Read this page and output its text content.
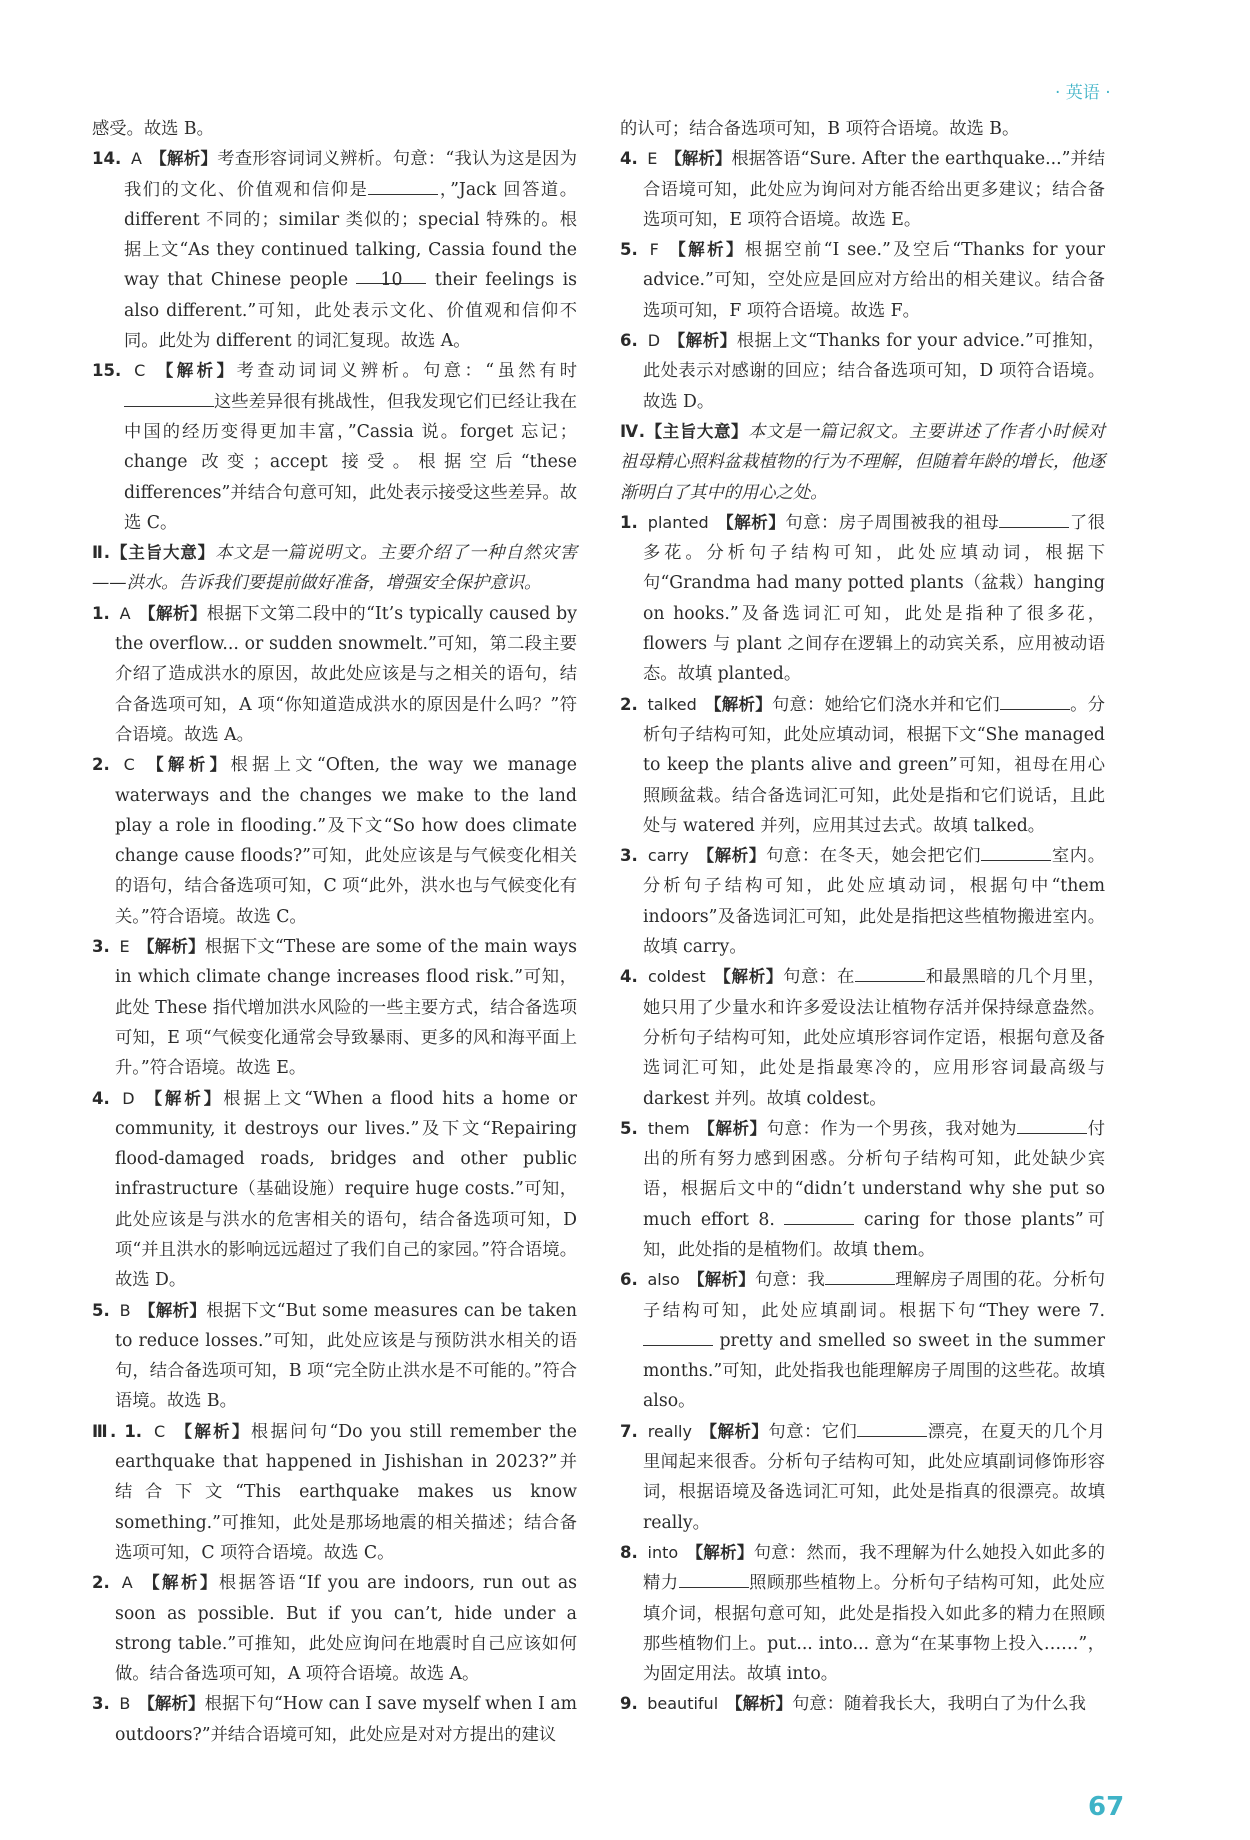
· 英语 ·

感受。故选 B。

14. A 【解析】考查形容词词义辨析。句意：“我认为这是因为我们的文化、价值观和信仰是	，”Jack 回答道。different 不同的；similar 类似的；special 特殊的。根据上文“As they continued talking, Cassia found the way that Chinese people 10 their feelings is also different.”可知，此处表示文化、价值观和信仰不同。此处为 different 的词汇复现。故选 A。

15. C 【解析】考查动词词义辨析。句意：“虽然有时这些差异很有挑战性，但我发现它们已经让我在中国的经历变得更加丰富，”Cassia 说。forget 忘记；change 改变；accept 接受。根据空后“these differences”并结合句意可知，此处表示接受这些差异。故选 C。

Ⅱ.【主旨大意】本文是一篇说明文。主要介绍了一种自然灾害——洪水。告诉我们要提前做好准备，增强安全保护意识。

1. A 【解析】根据下文第二段中的“It’s typically caused by the overflow... or sudden snowmelt.”可知，第二段主要介绍了造成洪水的原因，故此处应该是与之相关的语句，结合备选项可知，A 项“你知道造成洪水的原因是什么吗？”符合语境。故选 A。

2. C 【解析】根据上文“Often, the way we manage waterways and the changes we make to the land play a role in flooding.”及下文“So how does climate change cause floods?”可知，此处应该是与气候变化相关的语句，结合备选项可知，C 项“此外，洪水也与气候变化有关。”符合语境。故选 C。

3. E 【解析】根据下文“These are some of the main ways in which climate change increases flood risk.”可知，此处 These 指代增加洪水风险的一些主要方式，结合备选项可知，E 项“气候变化通常会导致暴雨、更多的风和海平面上升。”符合语境。故选 E。

4. D 【解析】根据上文“When a flood hits a home or community, it destroys our lives.”及下文“Repairing flood-damaged roads, bridges and other public infrastructure（基础设施）require huge costs.”可知，此处应该是与洪水的危害相关的语句，结合备选项可知，D 项“并且洪水的影响远远超过了我们自己的家园。”符合语境。故选 D。

5. B 【解析】根据下文“But some measures can be taken to reduce losses.”可知，此处应该是与预防洪水相关的语句，结合备选项可知，B 项“完全防止洪水是不可能的。”符合语境。故选 B。

Ⅲ. 1. C 【解析】根据问句“Do you still remember the earthquake that happened in Jishishan in 2023?”并结合下文“This earthquake makes us know something.”可推知，此处是那场地震的相关描述；结合备选项可知，C 项符合语境。故选 C。

2. A 【解析】根据答语“If you are indoors, run out as soon as possible. But if you can’t, hide under a strong table.”可推知，此处应询问在地震时自己应该如何做。结合备选项可知，A 项符合语境。故选 A。

3. B 【解析】根据下句“How can I save myself when I am outdoors?”并结合语境可知，此处应是对对方提出的建议

的认可；结合备选项可知，B 项符合语境。故选 B。

4. E 【解析】根据答语“Sure. After the earthquake...”并结合语境可知，此处应为询问对方能否给出更多建议；结合备选项可知，E 项符合语境。故选 E。

5. F 【解析】根据空前“I see.”及空后“Thanks for your advice.”可知，空处应是回应对方给出的相关建议。结合备选项可知，F 项符合语境。故选 F。

6. D 【解析】根据上文“Thanks for your advice.”可推知，此处表示对感谢的回应；结合备选项可知，D 项符合语境。故选 D。

Ⅳ.【主旨大意】本文是一篇记叙文。主要讲述了作者小时候对祖母精心照料盆栽植物的行为不理解，但随着年龄的增长，他逐渐明白了其中的用心之处。

1. planted 【解析】句意：房子周围被我的祖母	了很多花。分析句子结构可知，此处应填动词，根据下句“Grandma had many potted plants（盆栽）hanging on hooks.”及备选词汇可知，此处是指种了很多花，flowers 与 plant 之间存在逻辑上的动宾关系，应用被动语态。故填 planted。

2. talked 【解析】句意：她给它们浇水并和它们	。分析句子结构可知，此处应填动词，根据下文“She managed to keep the plants alive and green”可知，祖母在用心照顾盆栽。结合备选词汇可知，此处是指和它们说话，且此处与 watered 并列，应用其过去式。故填 talked。

3. carry 【解析】句意：在冬天，她会把它们	室内。分析句子结构可知，此处应填动词，根据句中“them indoors”及备选词汇可知，此处是指把这些植物搬进室内。故填 carry。

4. coldest 【解析】句意：在	和最黑暗的几个月里，她只用了少量水和许多爱设法让植物存活并保持绿意盎然。分析句子结构可知，此处应填形容词作定语，根据句意及备选词汇可知，此处是指最寒冷的，应用形容词最高级与 darkest 并列。故填 coldest。

5. them 【解析】句意：作为一个男孩，我对她为	付出的所有努力感到困惑。分析句子结构可知，此处缺少宾语，根据后文中的“didn’t understand why she put so much effort 8.	caring for those plants”可知，此处指的是植物们。故填 them。

6. also 【解析】句意：我	理解房子周围的花。分析句子结构可知，此处应填副词。根据下句“They were 7.  pretty and smelled so sweet in the summer months.”可知，此处指我也能理解房子周围的这些花。故填 also。

7. really 【解析】句意：它们	漂亮，在夏天的几个月里闻起来很香。分析句子结构可知，此处应填副词修饰形容词，根据语境及备选词汇可知，此处是指真的很漂亮。故填 really。

8. into 【解析】句意：然而，我不理解为什么她投入如此多的精力	照顾那些植物上。分析句子结构可知，此处应填介词，根据句意可知，此处是指投入如此多的精力在照顾那些植物们上。put... into... 意为“在某事物上投入……”，为固定用法。故填 into。

9. beautiful 【解析】句意：随着我长大，我明白了为什么我

67
